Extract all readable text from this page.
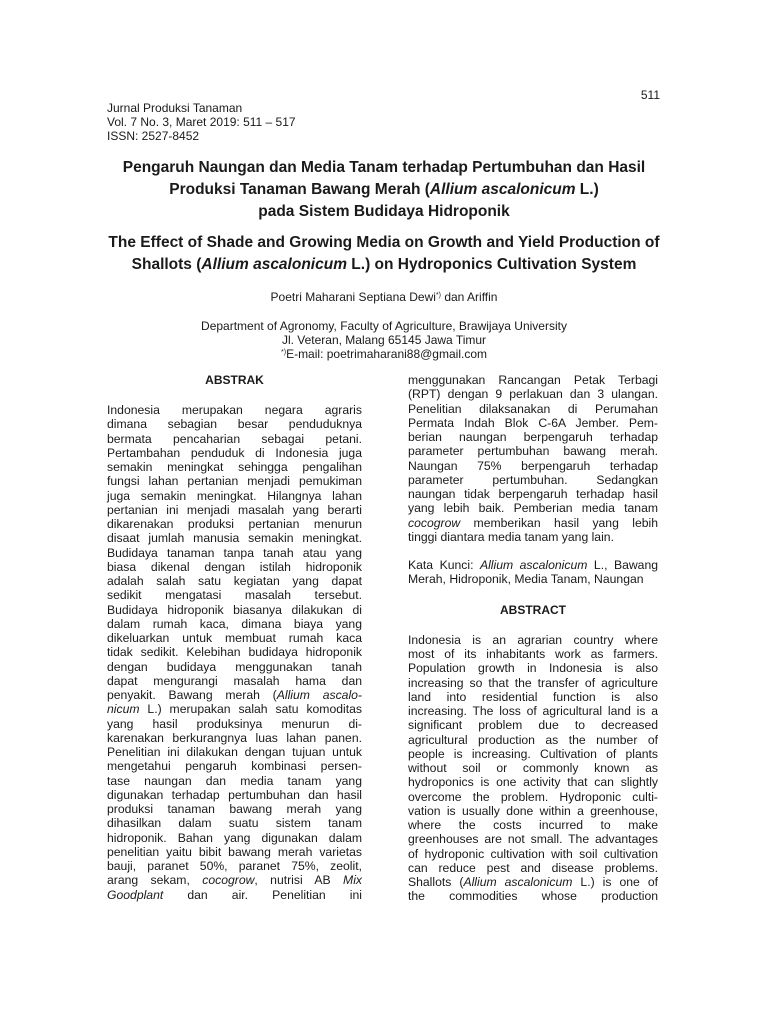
511
Jurnal Produksi Tanaman
Vol. 7 No. 3, Maret 2019: 511 – 517
ISSN: 2527-8452
Pengaruh Naungan dan Media Tanam terhadap Pertumbuhan dan Hasil
Produksi Tanaman Bawang Merah (Allium ascalonicum L.)
pada Sistem Budidaya Hidroponik
The Effect of Shade and Growing Media on Growth and Yield Production of
Shallots (Allium ascalonicum L.) on Hydroponics Cultivation System
Poetri Maharani Septiana Dewi*) dan Ariffin
Department of Agronomy, Faculty of Agriculture, Brawijaya University
Jl. Veteran, Malang 65145 Jawa Timur
*)E-mail: poetrimaharani88@gmail.com
ABSTRAK
Indonesia merupakan negara agraris
dimana sebagian besar penduduknya
bermata pencaharian sebagai petani.
Pertambahan penduduk di Indonesia juga
semakin meningkat sehingga pengalihan
fungsi lahan pertanian menjadi pemukiman
juga semakin meningkat. Hilangnya lahan
pertanian ini menjadi masalah yang berarti
dikarenakan produksi pertanian menurun
disaat jumlah manusia semakin meningkat.
Budidaya tanaman tanpa tanah atau yang
biasa dikenal dengan istilah hidroponik
adalah salah satu kegiatan yang dapat
sedikit mengatasi masalah tersebut.
Budidaya hidroponik biasanya dilakukan di
dalam rumah kaca, dimana biaya yang
dikeluarkan untuk membuat rumah kaca
tidak sedikit. Kelebihan budidaya hidroponik
dengan budidaya menggunakan tanah
dapat mengurangi masalah hama dan
penyakit. Bawang merah (Allium ascalo-
nicum L.) merupakan salah satu komoditas
yang hasil produksinya menurun di-
karenakan berkurangnya luas lahan panen.
Penelitian ini dilakukan dengan tujuan untuk
mengetahui pengaruh kombinasi persen-
tase naungan dan media tanam yang
digunakan terhadap pertumbuhan dan hasil
produksi tanaman bawang merah yang
dihasilkan dalam suatu sistem tanam
hidroponik. Bahan yang digunakan dalam
penelitian yaitu bibit bawang merah varietas
bauji, paranet 50%, paranet 75%, zeolit,
arang sekam, cocogrow, nutrisi AB Mix
Goodplant dan air. Penelitian ini
menggunakan Rancangan Petak Terbagi
(RPT) dengan 9 perlakuan dan 3 ulangan.
Penelitian dilaksanakan di Perumahan
Permata Indah Blok C-6A Jember. Pem-
berian naungan berpengaruh terhadap
parameter pertumbuhan bawang merah.
Naungan 75% berpengaruh terhadap
parameter pertumbuhan. Sedangkan
naungan tidak berpengaruh terhadap hasil
yang lebih baik. Pemberian media tanam
cocogrow memberikan hasil yang lebih
tinggi diantara media tanam yang lain.
Kata Kunci: Allium ascalonicum L., Bawang
Merah, Hidroponik, Media Tanam, Naungan
ABSTRACT
Indonesia is an agrarian country where
most of its inhabitants work as farmers.
Population growth in Indonesia is also
increasing so that the transfer of agriculture
land into residential function is also
increasing. The loss of agricultural land is a
significant problem due to decreased
agricultural production as the number of
people is increasing. Cultivation of plants
without soil or commonly known as
hydroponics is one activity that can slightly
overcome the problem. Hydroponic culti-
vation is usually done within a greenhouse,
where the costs incurred to make
greenhouses are not small. The advantages
of hydroponic cultivation with soil cultivation
can reduce pest and disease problems.
Shallots (Allium ascalonicum L.) is one of
the commodities whose production
